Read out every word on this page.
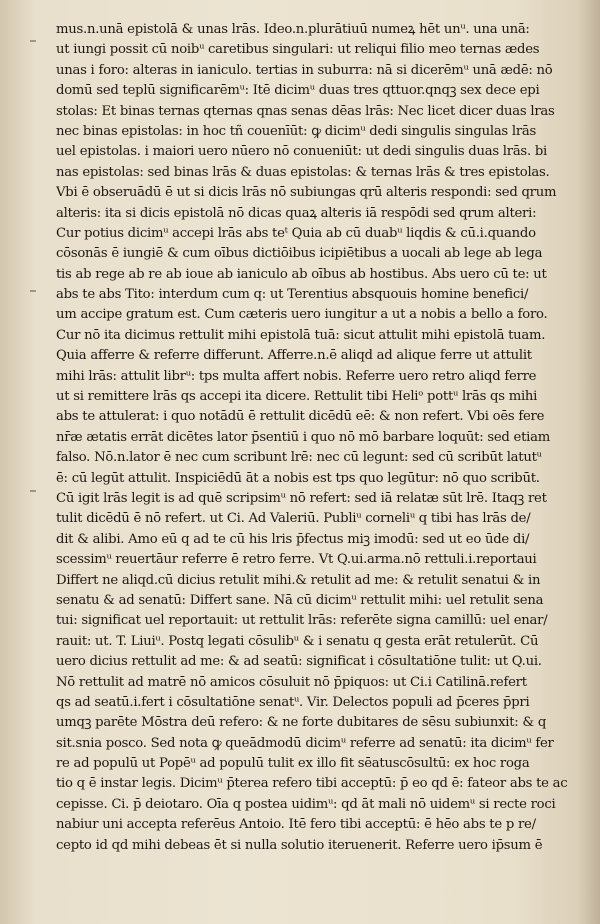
mus.n.unā epistolā & unas lrās. Ideo.n.plurātiuū numeꝝ hēt unᵘ. una unā:
ut iungi possit cū noibᵘ caretibus singulari: ut reliqui filio meo ternas ædes
unas i foro: alteras in ianiculo. tertias in suburra: nā si dicerēmᵘ unā ædē: nō
domū sed teplū significarēmᵘ: Itē dicimᵘ duas tres qttuor.qnqꝫ sex dece epi
stolas: Et binas ternas qternas qnas senas dēas lrās: Nec licet dicer duas lras
nec binas epistolas: in hoc tñ couenīūt: ꝙ dicimᵘ dedi singulis singulas lrās
uel epistolas. i maiori uero nūero nō conueniūt: ut dedi singulis duas lrās. bi
nas epistolas: sed binas lrās & duas epistolas: & ternas lrās & tres epistolas.
Vbi ē obseruādū ē ut si dicis lrās nō subiungas qrū alteris respondi: sed qrum
alteris: ita si dicis epistolā nō dicas quaꝝ alteris iā respōdi sed qrum alteri:
Cur potius dicimᵘ accepi lrās abs teᵗ Quia ab cū duabᵘ liqdis & cū.i.quando
cōsonās ē iungiē & cum oībus dictiōibus icipiētibus a uocali ab lege ab lega
tis ab rege ab re ab ioue ab ianiculo ab oībus ab hostibus. Abs uero cū te: ut
abs te abs Tito: interdum cum q: ut Terentius absquouis homine benefici/
um accipe gratum est. Cum cæteris uero iungitur a ut a nobis a bello a foro.
Cur nō ita dicimus rettulit mihi epistolā tuā: sicut attulit mihi epistolā tuam.
Quia afferre & referre differunt. Afferre.n.ē aliqd ad alique ferre ut attulit
mihi lrās: attulit librᵘ: tps multa affert nobis. Referre uero retro aliqd ferre
ut si remittere lrās qs accepi ita dicere. Rettulit tibi Heliᵒ pottᵘ lrās qs mihi
abs te attulerat: i quo notādū ē rettulit dicēdū eē: & non refert. Vbi oēs fere
nr̄æ ætatis errāt dicētes lator p̄sentiū i quo nō mō barbare loquūt: sed etiam
falso. Nō.n.lator ē nec cum scribunt lrē: nec cū legunt: sed cū scribūt latutᵘ
ē: cū legūt attulit. Inspiciēdū āt a nobis est tps quo legūtur: nō quo scribūt.
Cū igit lrās legit is ad quē scripsimᵘ nō refert: sed iā relatæ sūt lrē. Itaqꝫ ret
tulit dicēdū ē nō refert. ut Ci. Ad Valeriū. Publiᵘ corneliᵘ q tibi has lrās de/
dit & alibi. Amo eū q ad te cū his lris p̄fectus miꝫ imodū: sed ut eo ūde di/
scessimᵘ reuertāur referre ē retro ferre. Vt Q.ui.arma.nō rettuli.i.reportaui
Differt ne aliqd.cū dicius retulit mihi.& retulit ad me: & retulit senatui & in
senatu & ad senatū: Differt sane. Nā cū dicimᵘ rettulit mihi: uel retulit sena
tui: significat uel reportauit: ut rettulit lrās: referēte signa camillū: uel enar/
rauit: ut. T. Liuiᵘ. Postq legati cōsulibᵘ & i senatu q gesta erāt retulerūt. Cū
uero dicius rettulit ad me: & ad seatū: significat i cōsultatiōne tulit: ut Q.ui.
Nō rettulit ad matrē nō amicos cōsuluit nō p̄piquos: ut Ci.i Catilinā.refert
qs ad seatū.i.fert i cōsultatiōne senatᵘ. Vir. Delectos populi ad p̄ceres p̄pri
umqꝫ parēte Mōstra deū refero: & ne forte dubitares de sēsu subiunxit: & q
sit.snia posco. Sed nota ꝙ queādmodū dicimᵘ referre ad senatū: ita dicimᵘ fer
re ad populū ut Popēᵘ ad populū tulit ex illo fit sēatuscōsultū: ex hoc roga
tio q ē instar legis. Dicimᵘ p̄terea refero tibi acceptū: p̄ eo qd ē: fateor abs te ac
cepisse. Ci. p̄ deiotaro. Oīa q postea uidimᵘ: qd āt mali nō uidemᵘ si recte roci
nabiur uni accepta referēus Antoio. Itē fero tibi acceptū: ē hēo abs te p re/
cepto id qd mihi debeas ēt si nulla solutio iteruenerit. Referre uero ip̄sum ē
